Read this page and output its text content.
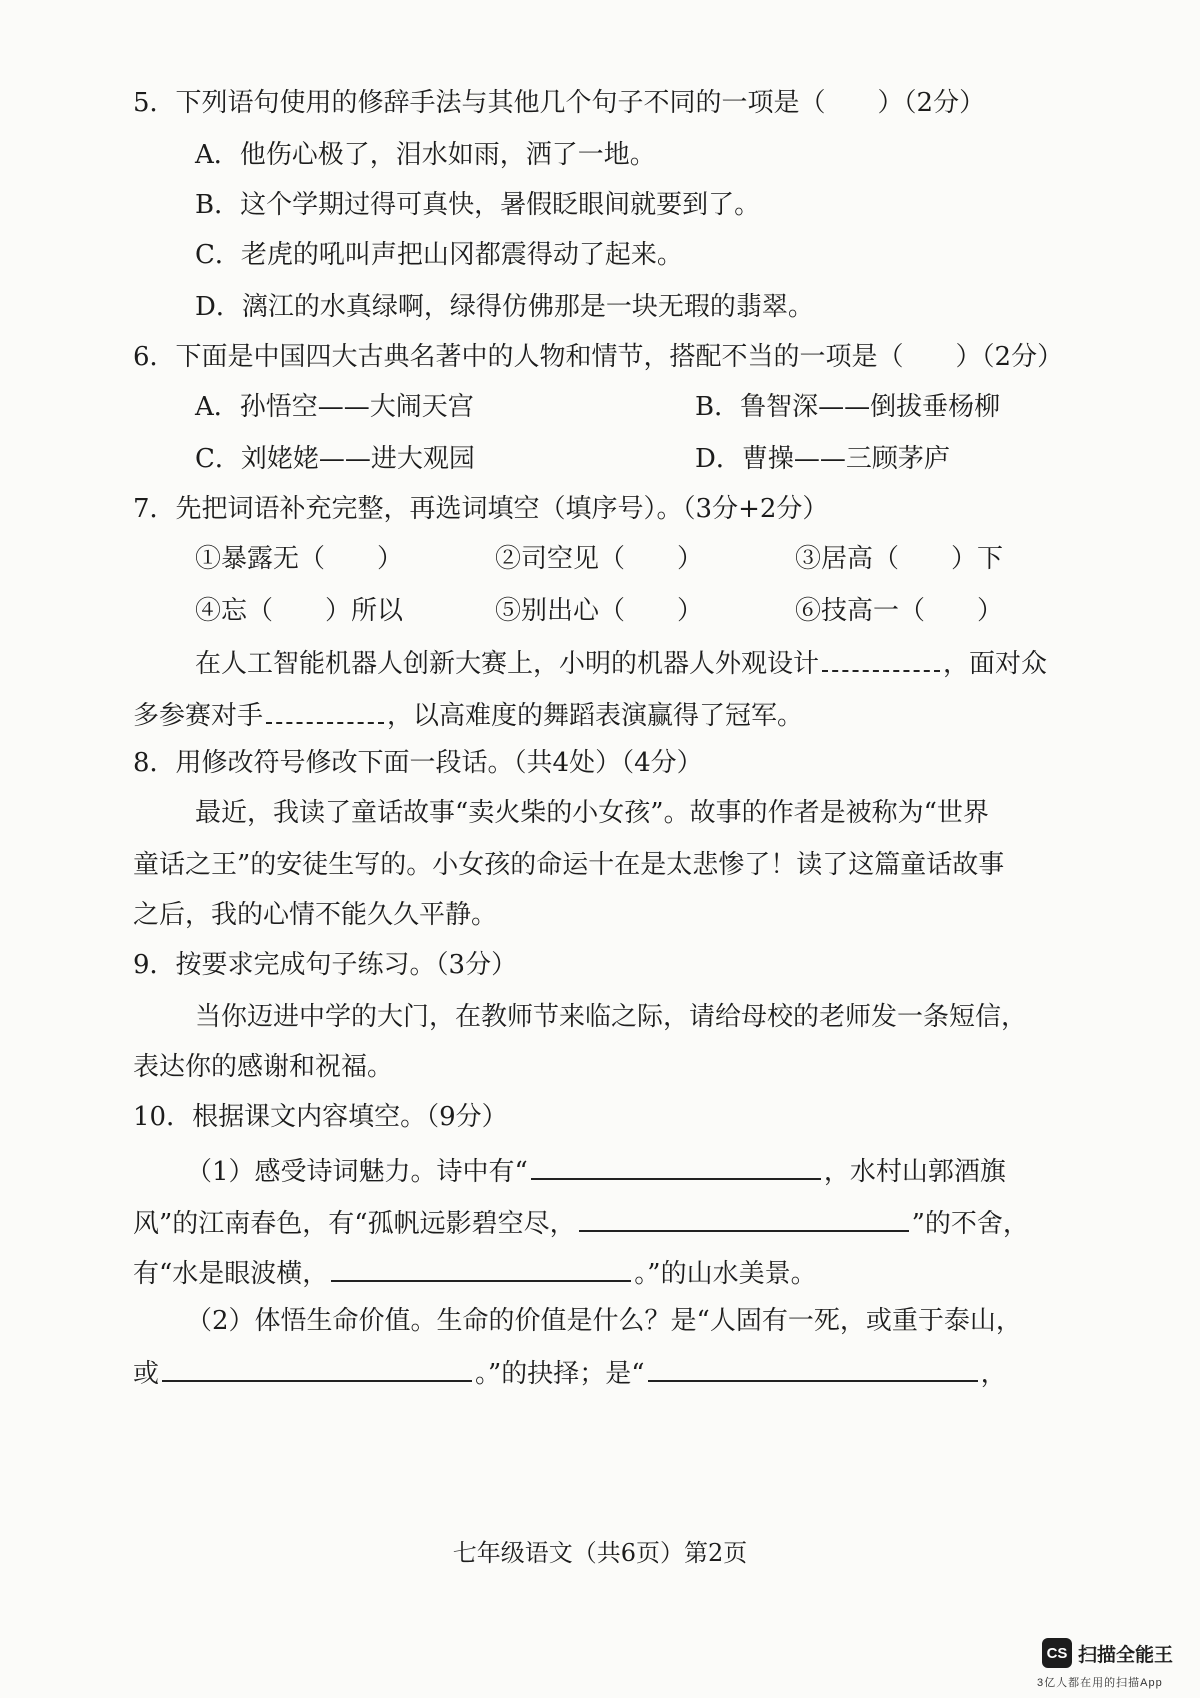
5．下列语句使用的修辞手法与其他几个句子不同的一项是（　　）（2分）
A．他伤心极了，泪水如雨，洒了一地。
B．这个学期过得可真快，暑假眨眼间就要到了。
C．老虎的吼叫声把山冈都震得动了起来。
D．漓江的水真绿啊，绿得仿佛那是一块无瑕的翡翠。
6．下面是中国四大古典名著中的人物和情节，搭配不当的一项是（　　）（2分）
A．孙悟空——大闹天宫	B．鲁智深——倒拔垂杨柳
C．刘姥姥——进大观园	D．曹操——三顾茅庐
7．先把词语补充完整，再选词填空（填序号）。（3分+2分）
①暴露无（　　）	②司空见（　　）	③居高（　　）下
④忘（　　）所以	⑤别出心（　　）	⑥技高一（　　）
在人工智能机器人创新大赛上，小明的机器人外观设计	，面对众
多参赛对手	，以高难度的舞蹈表演赢得了冠军。
8．用修改符号修改下面一段话。（共4处）（4分）
最近，我读了童话故事“卖火柴的小女孩”。故事的作者是被称为“世界
童话之王”的安徒生写的。小女孩的命运十在是太悲惨了！读了这篇童话故事
之后，我的心情不能久久平静。
9．按要求完成句子练习。（3分）
当你迈进中学的大门，在教师节来临之际，请给母校的老师发一条短信，
表达你的感谢和祝福。
10．根据课文内容填空。（9分）
（1）感受诗词魅力。诗中有“	，水村山郭酒旗
风”的江南春色，有“孤帆远影碧空尽，	”的不舍，
有“水是眼波横，	。”的山水美景。
（2）体悟生命价值。生命的价值是什么？是“人固有一死，或重于泰山，
或	。”的抉择；是“	，
七年级语文（共6页）第2页
CS 扫描全能王
3亿人都在用的扫描App
